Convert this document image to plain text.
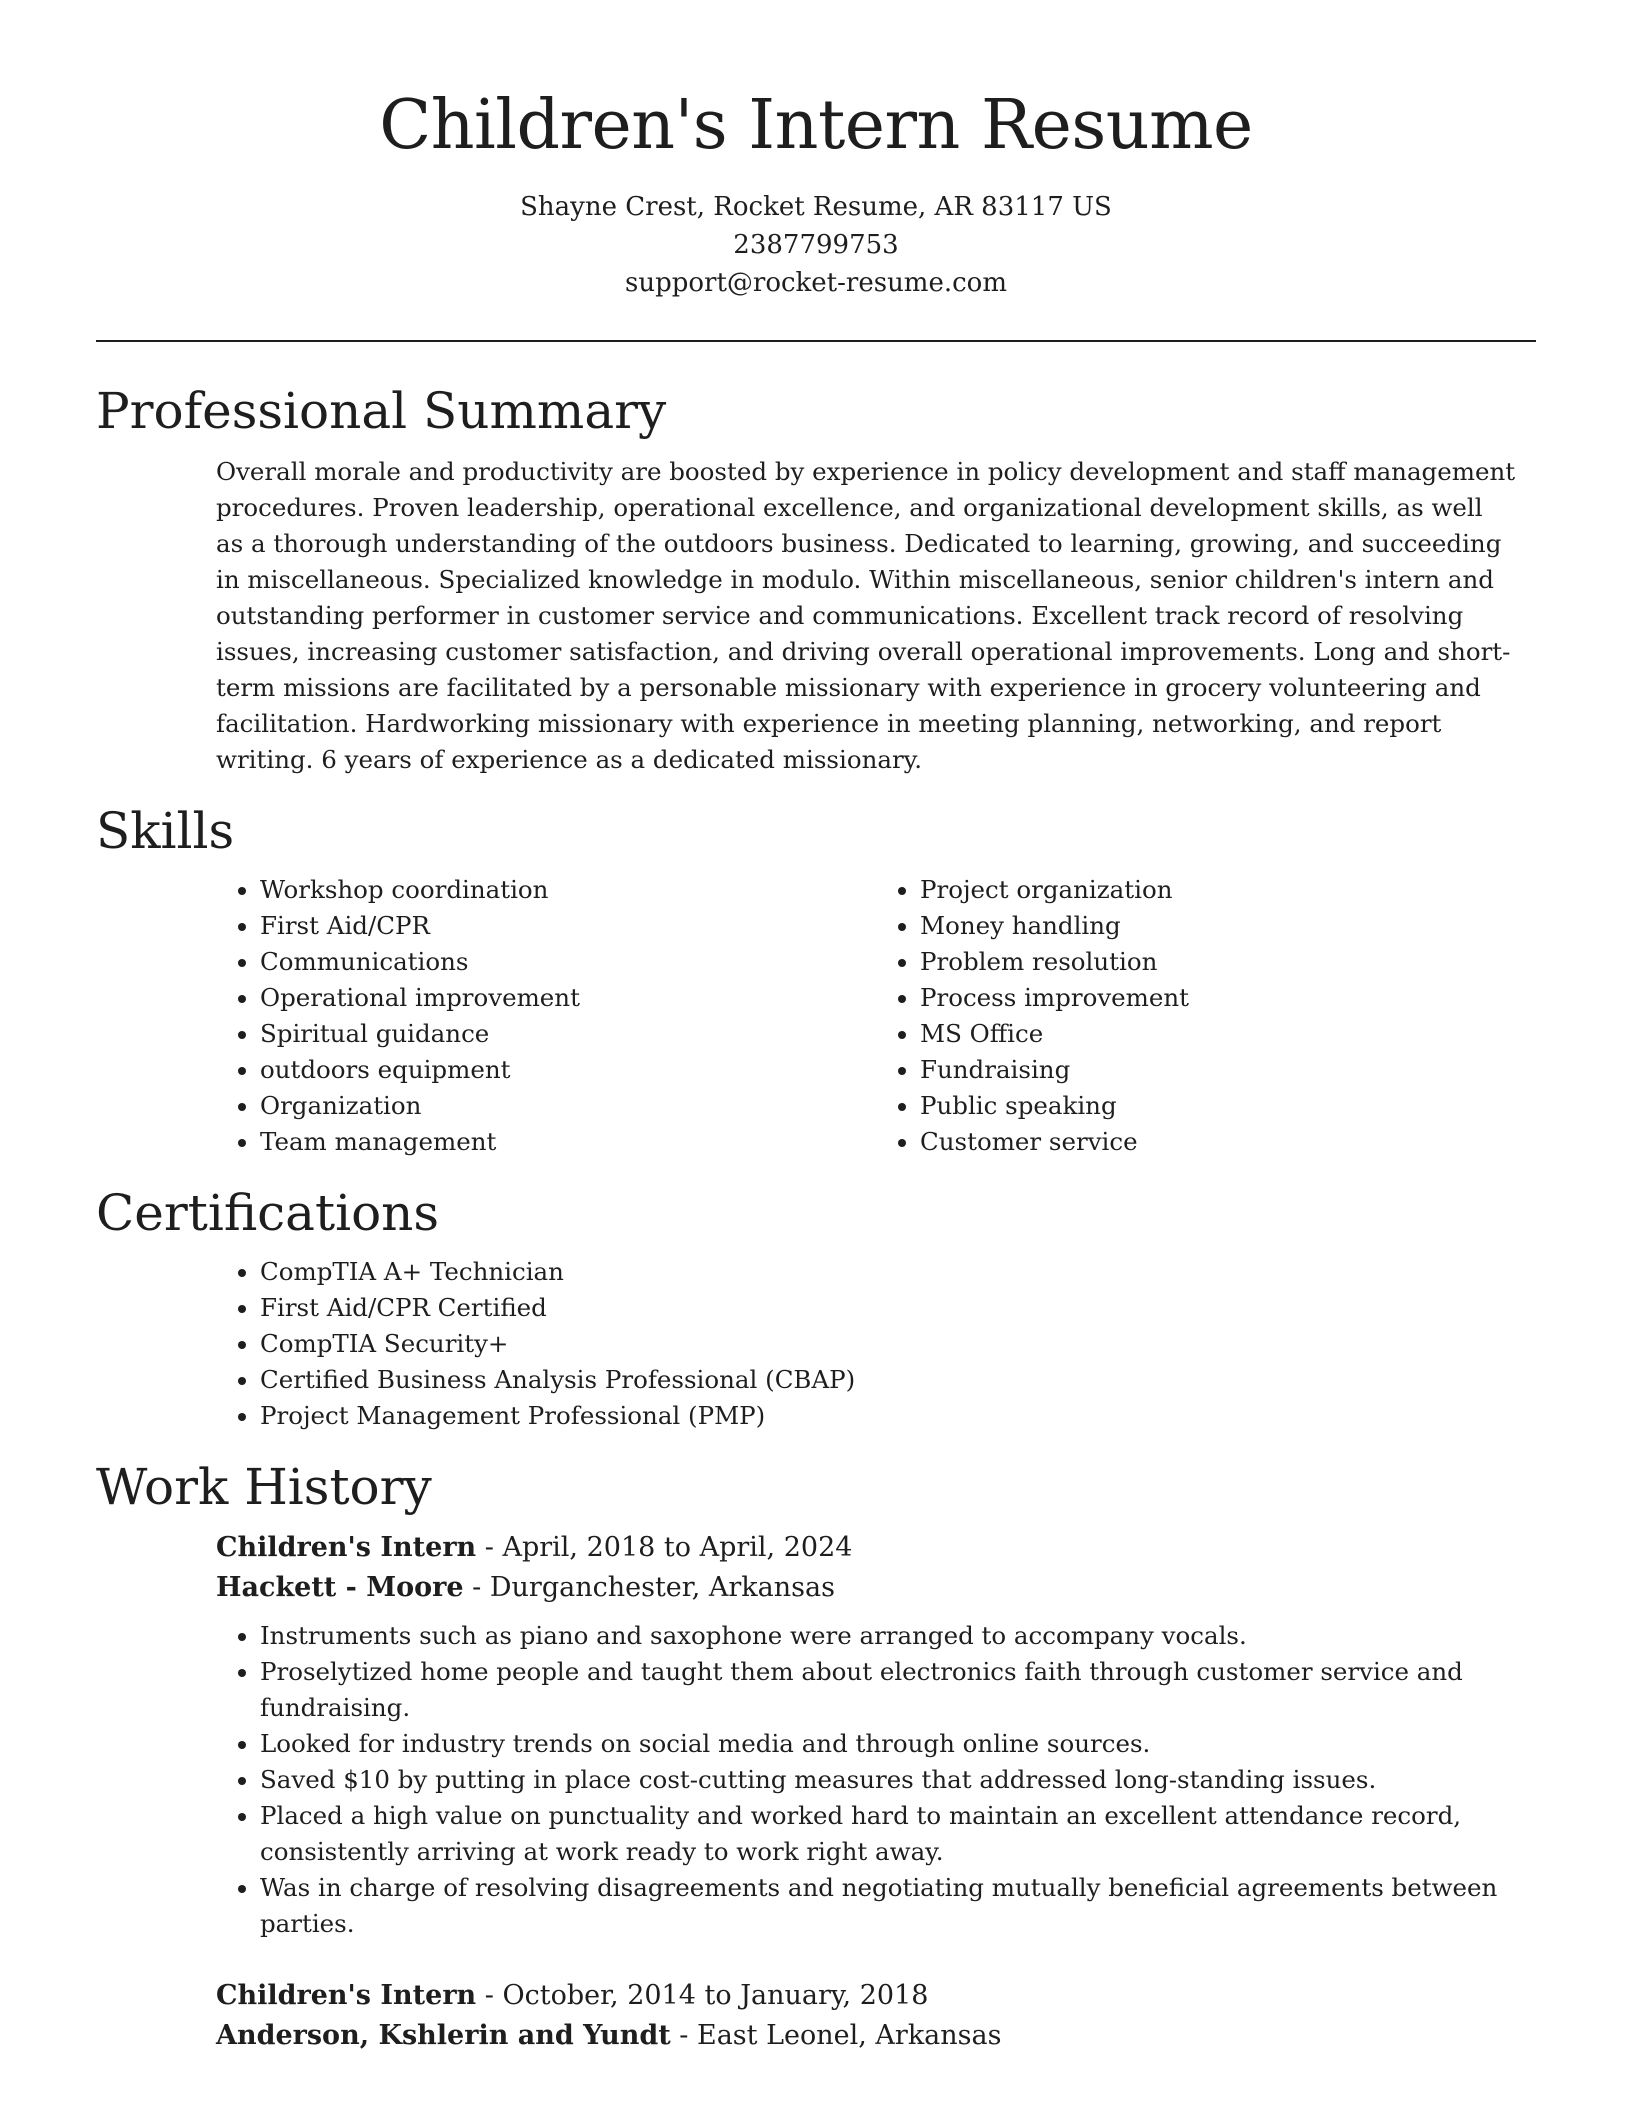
Children's Intern Resume
Shayne Crest, Rocket Resume, AR 83117 US
2387799753
support@rocket-resume.com
Professional Summary

Overall morale and productivity are boosted by experience in policy development and staff management procedures. Proven leadership, operational excellence, and organizational development skills, as well as a thorough understanding of the outdoors business. Dedicated to learning, growing, and succeeding in miscellaneous. Specialized knowledge in modulo. Within miscellaneous, senior children's intern and outstanding performer in customer service and communications. Excellent track record of resolving issues, increasing customer satisfaction, and driving overall operational improvements. Long and short-term missions are facilitated by a personable missionary with experience in grocery volunteering and facilitation. Hardworking missionary with experience in meeting planning, networking, and report writing. 6 years of experience as a dedicated missionary.

Skills
• Workshop coordination
• First Aid/CPR
• Communications
• Operational improvement
• Spiritual guidance
• outdoors equipment
• Organization
• Team management
• Project organization
• Money handling
• Problem resolution
• Process improvement
• MS Office
• Fundraising
• Public speaking
• Customer service
Certifications
• CompTIA A+ Technician
• First Aid/CPR Certified
• CompTIA Security+
• Certified Business Analysis Professional (CBAP)
• Project Management Professional (PMP)
Work History
Children's Intern - April, 2018 to April, 2024
Hackett - Moore - Durganchester, Arkansas
• Instruments such as piano and saxophone were arranged to accompany vocals.
• Proselytized home people and taught them about electronics faith through customer service and fundraising.
• Looked for industry trends on social media and through online sources.
• Saved $10 by putting in place cost-cutting measures that addressed long-standing issues.
• Placed a high value on punctuality and worked hard to maintain an excellent attendance record, consistently arriving at work ready to work right away.
• Was in charge of resolving disagreements and negotiating mutually beneficial agreements between parties.
Children's Intern - October, 2014 to January, 2018
Anderson, Kshlerin and Yundt - East Leonel, Arkansas
